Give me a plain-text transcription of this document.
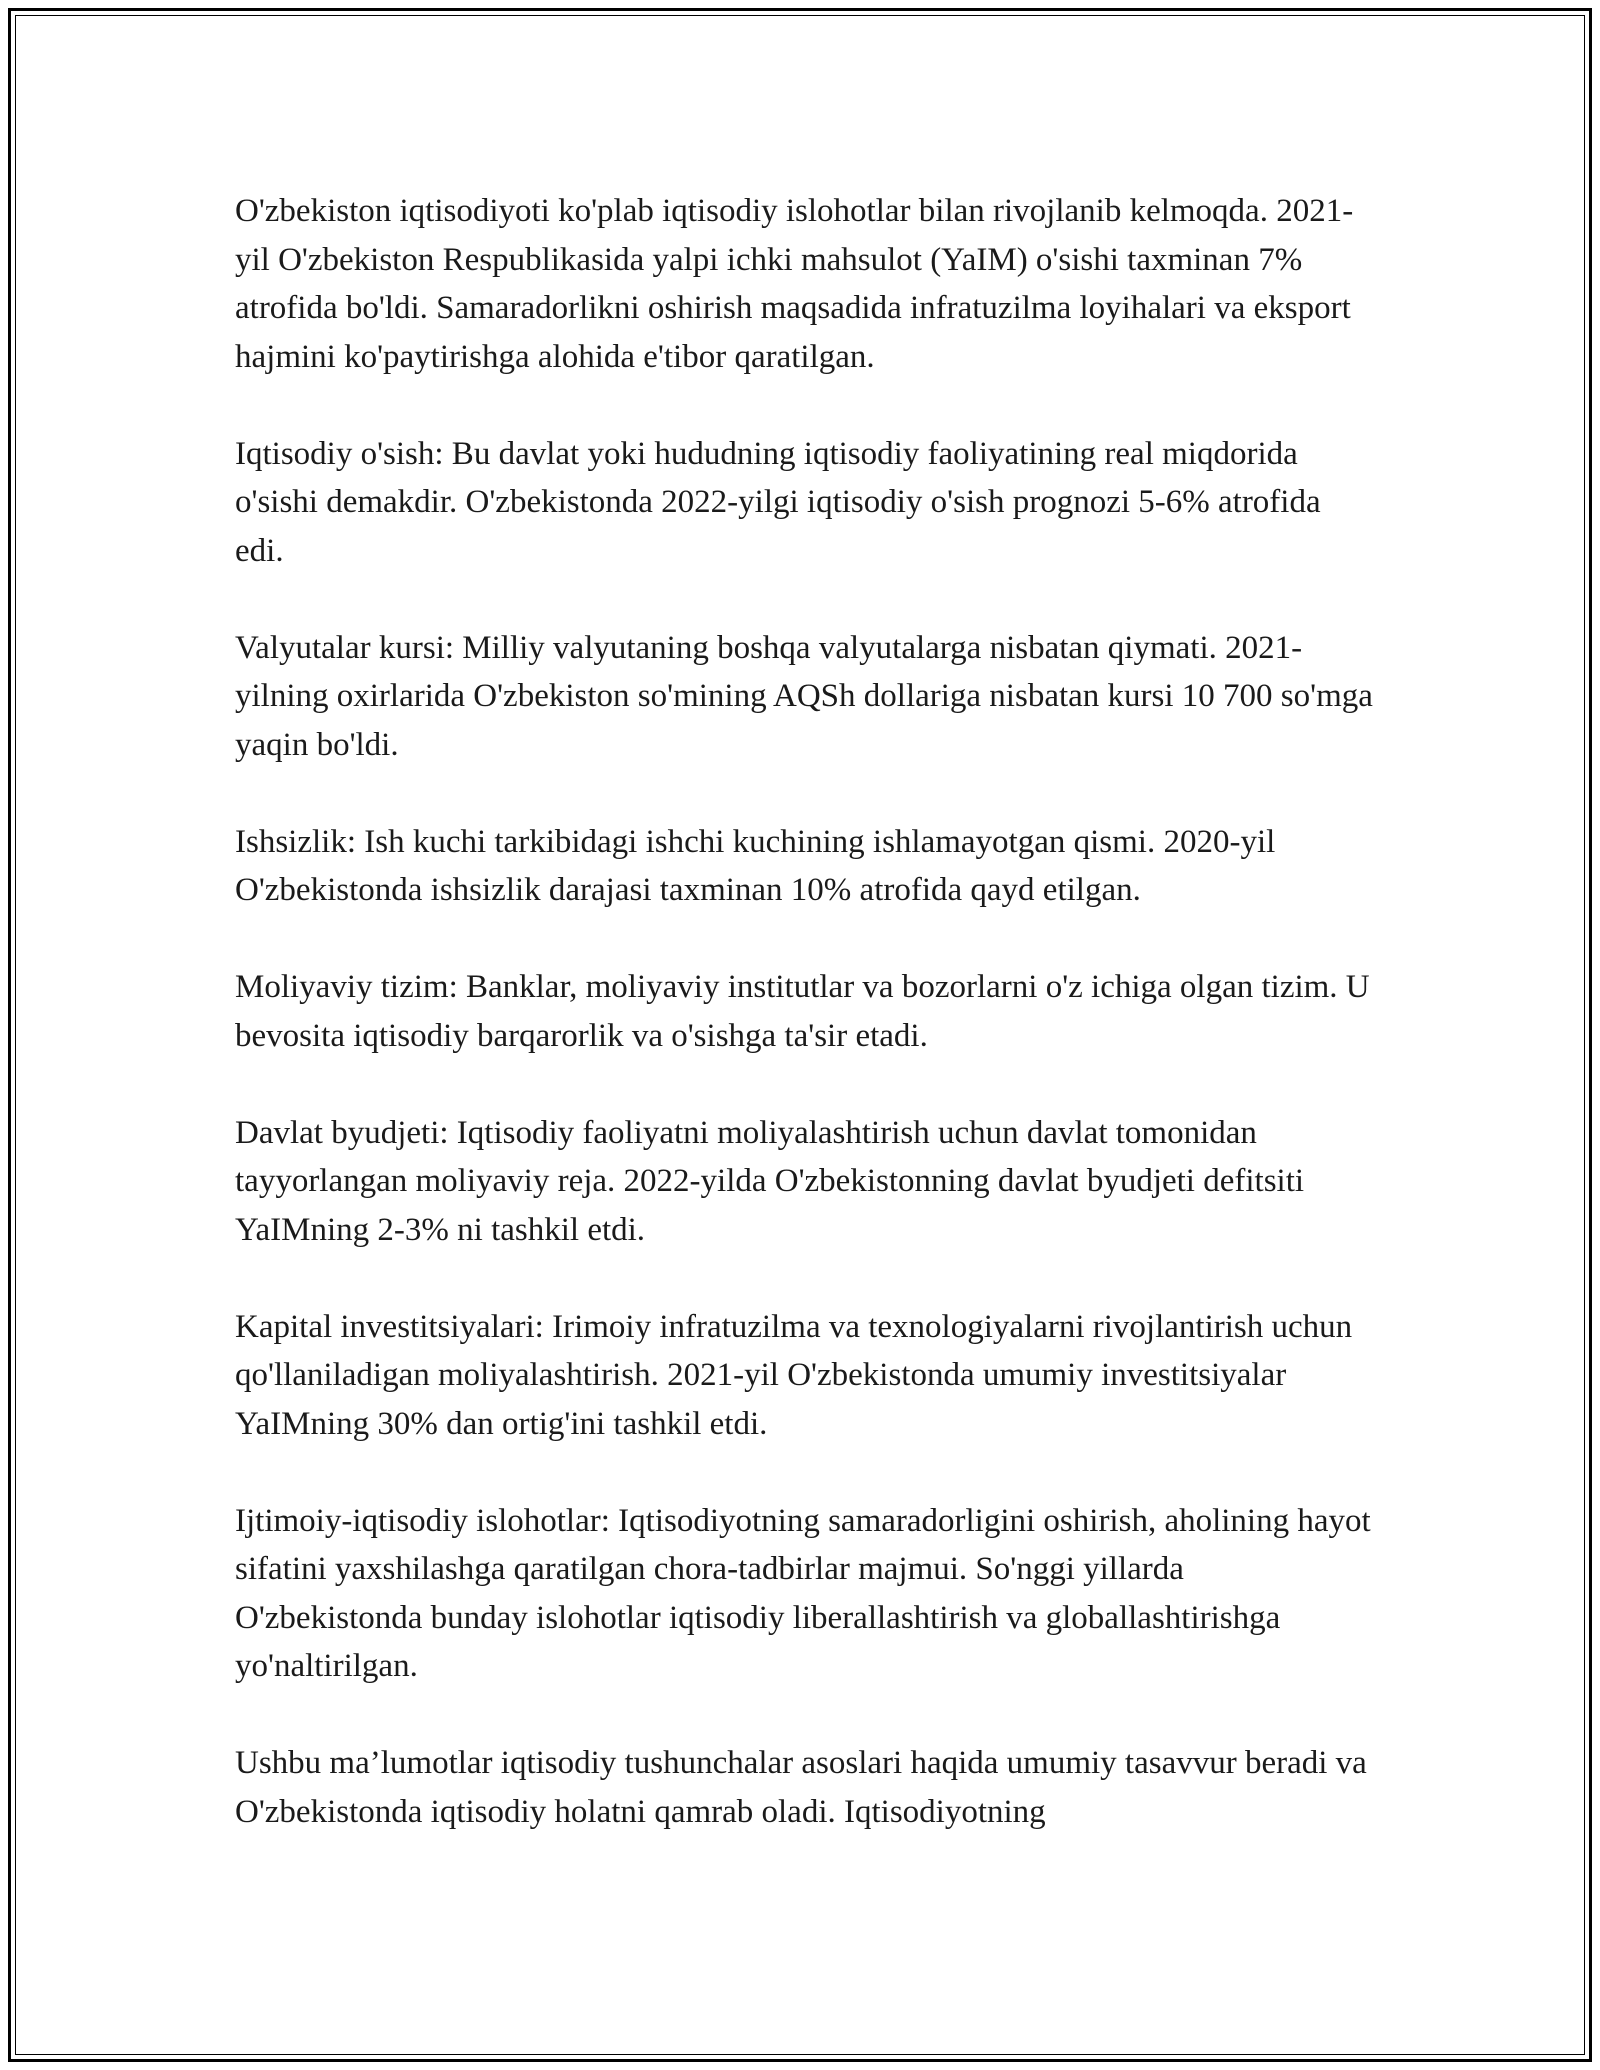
O'zbekiston iqtisodiyoti ko'plab iqtisodiy islohotlar bilan rivojlanib kelmoqda. 2021-yil O'zbekiston Respublikasida yalpi ichki mahsulot (YaIM) o'sishi taxminan 7% atrofida bo'ldi. Samaradorlikni oshirish maqsadida infratuzilma loyihalari va eksport hajmini ko'paytirishga alohida e'tibor qaratilgan.

Iqtisodiy o'sish: Bu davlat yoki hududning iqtisodiy faoliyatining real miqdorida o'sishi demakdir. O'zbekistonda 2022-yilgi iqtisodiy o'sish prognozi 5-6% atrofida edi.

Valyutalar kursi: Milliy valyutaning boshqa valyutalarga nisbatan qiymati. 2021-yilning oxirlarida O'zbekiston so'mining AQSh dollariga nisbatan kursi 10 700 so'mga yaqin bo'ldi.

Ishsizlik: Ish kuchi tarkibidagi ishchi kuchining ishlamayotgan qismi. 2020-yil O'zbekistonda ishsizlik darajasi taxminan 10% atrofida qayd etilgan.

Moliyaviy tizim: Banklar, moliyaviy institutlar va bozorlarni o'z ichiga olgan tizim. U bevosita iqtisodiy barqarorlik va o'sishga ta'sir etadi.

Davlat byudjeti: Iqtisodiy faoliyatni moliyalashtirish uchun davlat tomonidan tayyorlangan moliyaviy reja. 2022-yilda O'zbekistonning davlat byudjeti defitsiti YaIMning 2-3% ni tashkil etdi.

Kapital investitsiyalari: Irimoiy infratuzilma va texnologiyalarni rivojlantirish uchun qo'llaniladigan moliyalashtirish. 2021-yil O'zbekistonda umumiy investitsiyalar YaIMning 30% dan ortig'ini tashkil etdi.

Ijtimoiy-iqtisodiy islohotlar: Iqtisodiyotning samaradorligini oshirish, aholining hayot sifatini yaxshilashga qaratilgan chora-tadbirlar majmui. So'nggi yillarda O'zbekistonda bunday islohotlar iqtisodiy liberallashtirish va globallashtirishga yo'naltirilgan.

Ushbu ma’lumotlar iqtisodiy tushunchalar asoslari haqida umumiy tasavvur beradi va O'zbekistonda iqtisodiy holatni qamrab oladi. Iqtisodiyotning
